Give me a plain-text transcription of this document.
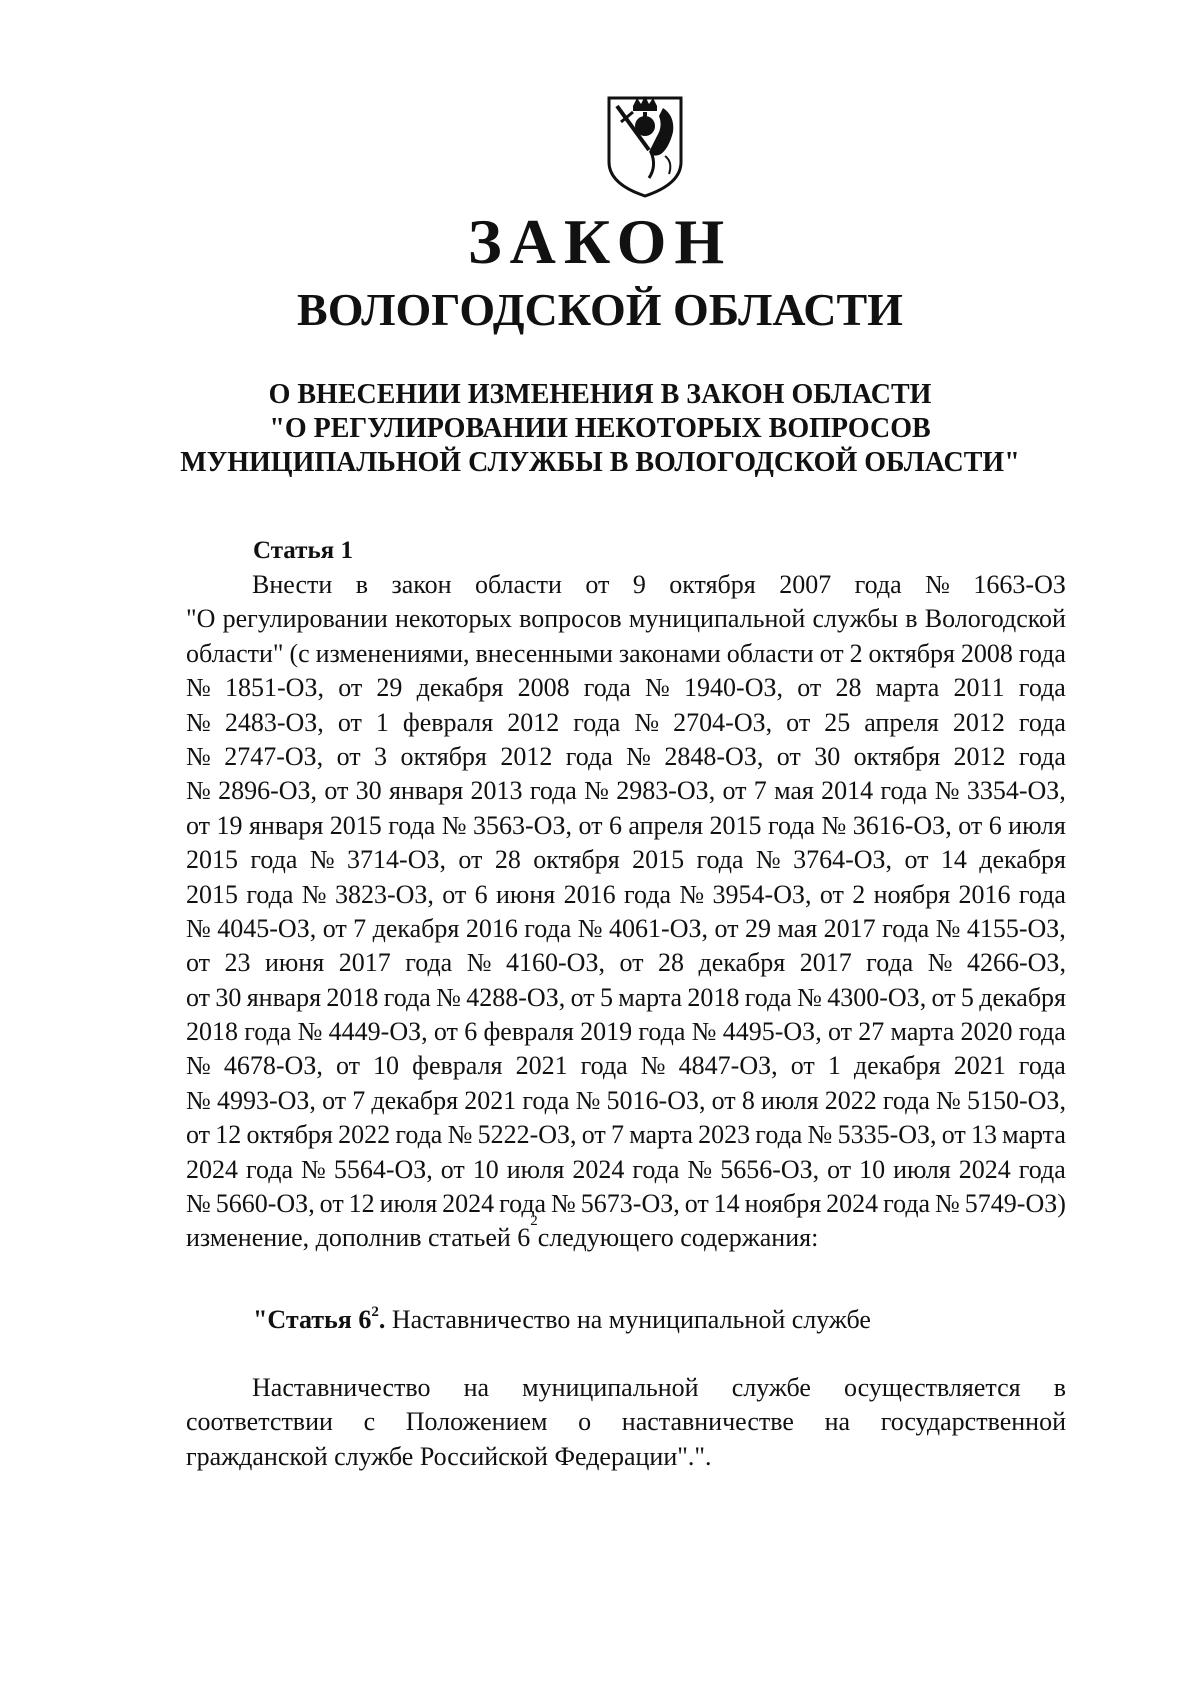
ЗАКОН
ВОЛОГОДСКОЙ ОБЛАСТИ
О ВНЕСЕНИИ ИЗМЕНЕНИЯ В ЗАКОН ОБЛАСТИ
"О РЕГУЛИРОВАНИИ НЕКОТОРЫХ ВОПРОСОВ
МУНИЦИПАЛЬНОЙ СЛУЖБЫ В ВОЛОГОДСКОЙ ОБЛАСТИ"
Статья 1
Внести в закон области от 9 октября 2007 года № 1663-ОЗ
"О регулировании некоторых вопросов муниципальной службы в Вологодской
области" (с изменениями, внесенными законами области от 2 октября 2008 года
№ 1851-ОЗ, от 29 декабря 2008 года № 1940-ОЗ, от 28 марта 2011 года
№ 2483-ОЗ, от 1 февраля 2012 года № 2704-ОЗ, от 25 апреля 2012 года
№ 2747-ОЗ, от 3 октября 2012 года № 2848-ОЗ, от 30 октября 2012 года
№ 2896-ОЗ, от 30 января 2013 года № 2983-ОЗ, от 7 мая 2014 года № 3354-ОЗ,
от 19 января 2015 года № 3563-ОЗ, от 6 апреля 2015 года № 3616-ОЗ, от 6 июля
2015 года № 3714-ОЗ, от 28 октября 2015 года № 3764-ОЗ, от 14 декабря
2015 года № 3823-ОЗ, от 6 июня 2016 года № 3954-ОЗ, от 2 ноября 2016 года
№ 4045-ОЗ, от 7 декабря 2016 года № 4061-ОЗ, от 29 мая 2017 года № 4155-ОЗ,
от 23 июня 2017 года № 4160-ОЗ, от 28 декабря 2017 года № 4266-ОЗ,
от 30 января 2018 года № 4288-ОЗ, от 5 марта 2018 года № 4300-ОЗ, от 5 декабря
2018 года № 4449-ОЗ, от 6 февраля 2019 года № 4495-ОЗ, от 27 марта 2020 года
№ 4678-ОЗ, от 10 февраля 2021 года № 4847-ОЗ, от 1 декабря 2021 года
№ 4993-ОЗ, от 7 декабря 2021 года № 5016-ОЗ, от 8 июля 2022 года № 5150-ОЗ,
от 12 октября 2022 года № 5222-ОЗ, от 7 марта 2023 года № 5335-ОЗ, от 13 марта
2024 года № 5564-ОЗ, от 10 июля 2024 года № 5656-ОЗ, от 10 июля 2024 года
№ 5660-ОЗ, от 12 июля 2024 года № 5673-ОЗ, от 14 ноября 2024 года № 5749-ОЗ)
изменение, дополнив статьей 6
2
следующего содержания:
"Статья $6^2$. Наставничество на муниципальной службе
Наставничество на муниципальной службе осуществляется в
соответствии с Положением о наставничестве на государственной
гражданской службе Российской Федерации".".
